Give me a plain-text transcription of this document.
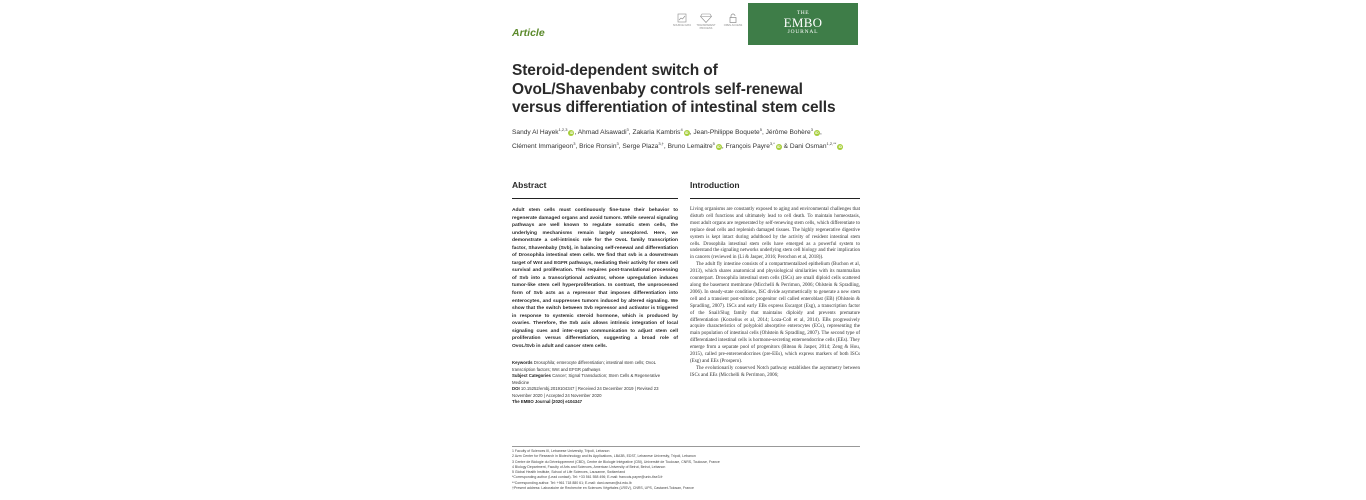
Article
SOURCE DATA	TRANSPARENT PROCESS
OPEN ACCESS
THE
EMBO
JOURNAL
Steroid-dependent switch of OvoL/Shavenbaby controls self-renewal versus differentiation of intestinal stem cells
Sandy Al Hayek$^{1,2,3}$iD, Ahmad Alsawadi$^3$, Zakaria Kambris$^4$iD, Jean-Philippe Boquete$^5$, Jérôme Bohère$^3$iD, Clément Immarigeon$^3$, Brice Ronsin$^3$, Serge Plaza$^{3,\dagger}$, Bruno Lemaitre$^5$iD, François Payre$^{3,*}$iD & Dani Osman$^{1,2,**}$iD
Abstract
Adult stem cells must continuously fine-tune their behavior to regenerate damaged organs and avoid tumors. While several signaling pathways are well known to regulate somatic stem cells, the underlying mechanisms remain largely unexplored. Here, we demonstrate a cell-intrinsic role for the OvoL family transcription factor, Shavenbaby (Svb), in balancing self-renewal and differentiation of Drosophila intestinal stem cells. We find that svb is a downstream target of Wnt and EGFR pathways, mediating their activity for stem cell survival and proliferation. This requires post-translational processing of Svb into a transcriptional activator, whose upregulation induces tumor-like stem cell hyperproliferation. In contrast, the unprocessed form of Svb acts as a repressor that imposes differentiation into enterocytes, and suppresses tumors induced by altered signaling. We show that the switch between Svb repressor and activator is triggered in response to systemic steroid hormone, which is produced by ovaries. Therefore, the Svb axis allows intrinsic integration of local signaling cues and inter-organ communication to adjust stem cell proliferation versus differentiation, suggesting a broad role of OvoL/Svb in adult and cancer stem cells.
Keywords Drosophila; enterocyte differentiation; intestinal stem cells; OvoL transcription factors; Wnt and EFGR pathways
Subject Categories Cancer; Signal Transduction; Stem Cells & Regenerative Medicine
DOI 10.15252/embj.2019104347 | Received 24 December 2019 | Revised 23 November 2020 | Accepted 24 November 2020
The EMBO Journal (2020) e104347
Introduction

Living organisms are constantly exposed to aging and environmental challenges that disturb cell functions and ultimately lead to cell death. To maintain homeostasis, most adult organs are regenerated by self-renewing stem cells, which differentiate to replace dead cells and replenish damaged tissues. The highly regenerative digestive system is kept intact during adulthood by the activity of resident intestinal stem cells. Drosophila intestinal stem cells have emerged as a powerful system to understand the signaling networks underlying stem cell biology and their implication in cancers (reviewed in (Li & Jasper, 2016; Perochon et al, 2018)).

The adult fly intestine consists of a compartmentalized epithelium (Buchon et al, 2013), which shares anatomical and physiological similarities with its mammalian counterpart. Drosophila intestinal stem cells (ISCs) are small diploid cells scattered along the basement membrane (Micchelli & Perrimon, 2006; Ohlstein & Spradling, 2006). In steady-state conditions, ISC divide asymmetrically to generate a new stem cell and a transient post-mitotic progenitor cell called enteroblast (EB) (Ohlstein & Spradling, 2007). ISCs and early EBs express Escargot (Esg), a transcription factor of the Snail/Slug family that maintains diploidy and prevents premature differentiation (Korzelius et al, 2014; Loza-Coll et al, 2014). EBs progressively acquire characteristics of polyploid absorptive enterocytes (ECs), representing the main population of intestinal cells (Ohlstein & Spradling, 2007). The second type of differentiated intestinal cells is hormone-secreting enteroendocrine cells (EEs). They emerge from a separate pool of progenitors (Biteau & Jasper, 2014; Zeng & Hou, 2015), called pre-enteroendocrines (pre-EEs), which express markers of both ISCs (Esg) and EEs (Prospero).

The evolutionarily conserved Notch pathway establishes the asymmetry between ISCs and EEs (Micchelli & Perrimon, 2006;

1 Faculty of Sciences III, Lebanese University, Tripoli, Lebanon
2 Azm Center for Research in Biotechnology and its Applications, LBA3B, EDST, Lebanese University, Tripoli, Lebanon
3 Centre de Biologie du Développement (CBD), Centre de Biologie Intégrative (CBI), Université de Toulouse, CNRS, Toulouse, France
4 Biology Department, Faculty of Arts and Sciences, American University of Beirut, Beirut, Lebanon
5 Global Health Institute, School of Life Sciences, Lausanne, Switzerland
*Corresponding author (Lead contact). Tel: +33 561 558 496; E-mail: francois.payre@univ-tlse3.fr
**Corresponding author. Tel: +961 718 880 61; E-mail: dani.osman@ul.edu.lb
†Present address: Laboratoire de Recherche en Sciences Végétales (LRSV), CNRS, UPS, Castanet-Tolosan, France
